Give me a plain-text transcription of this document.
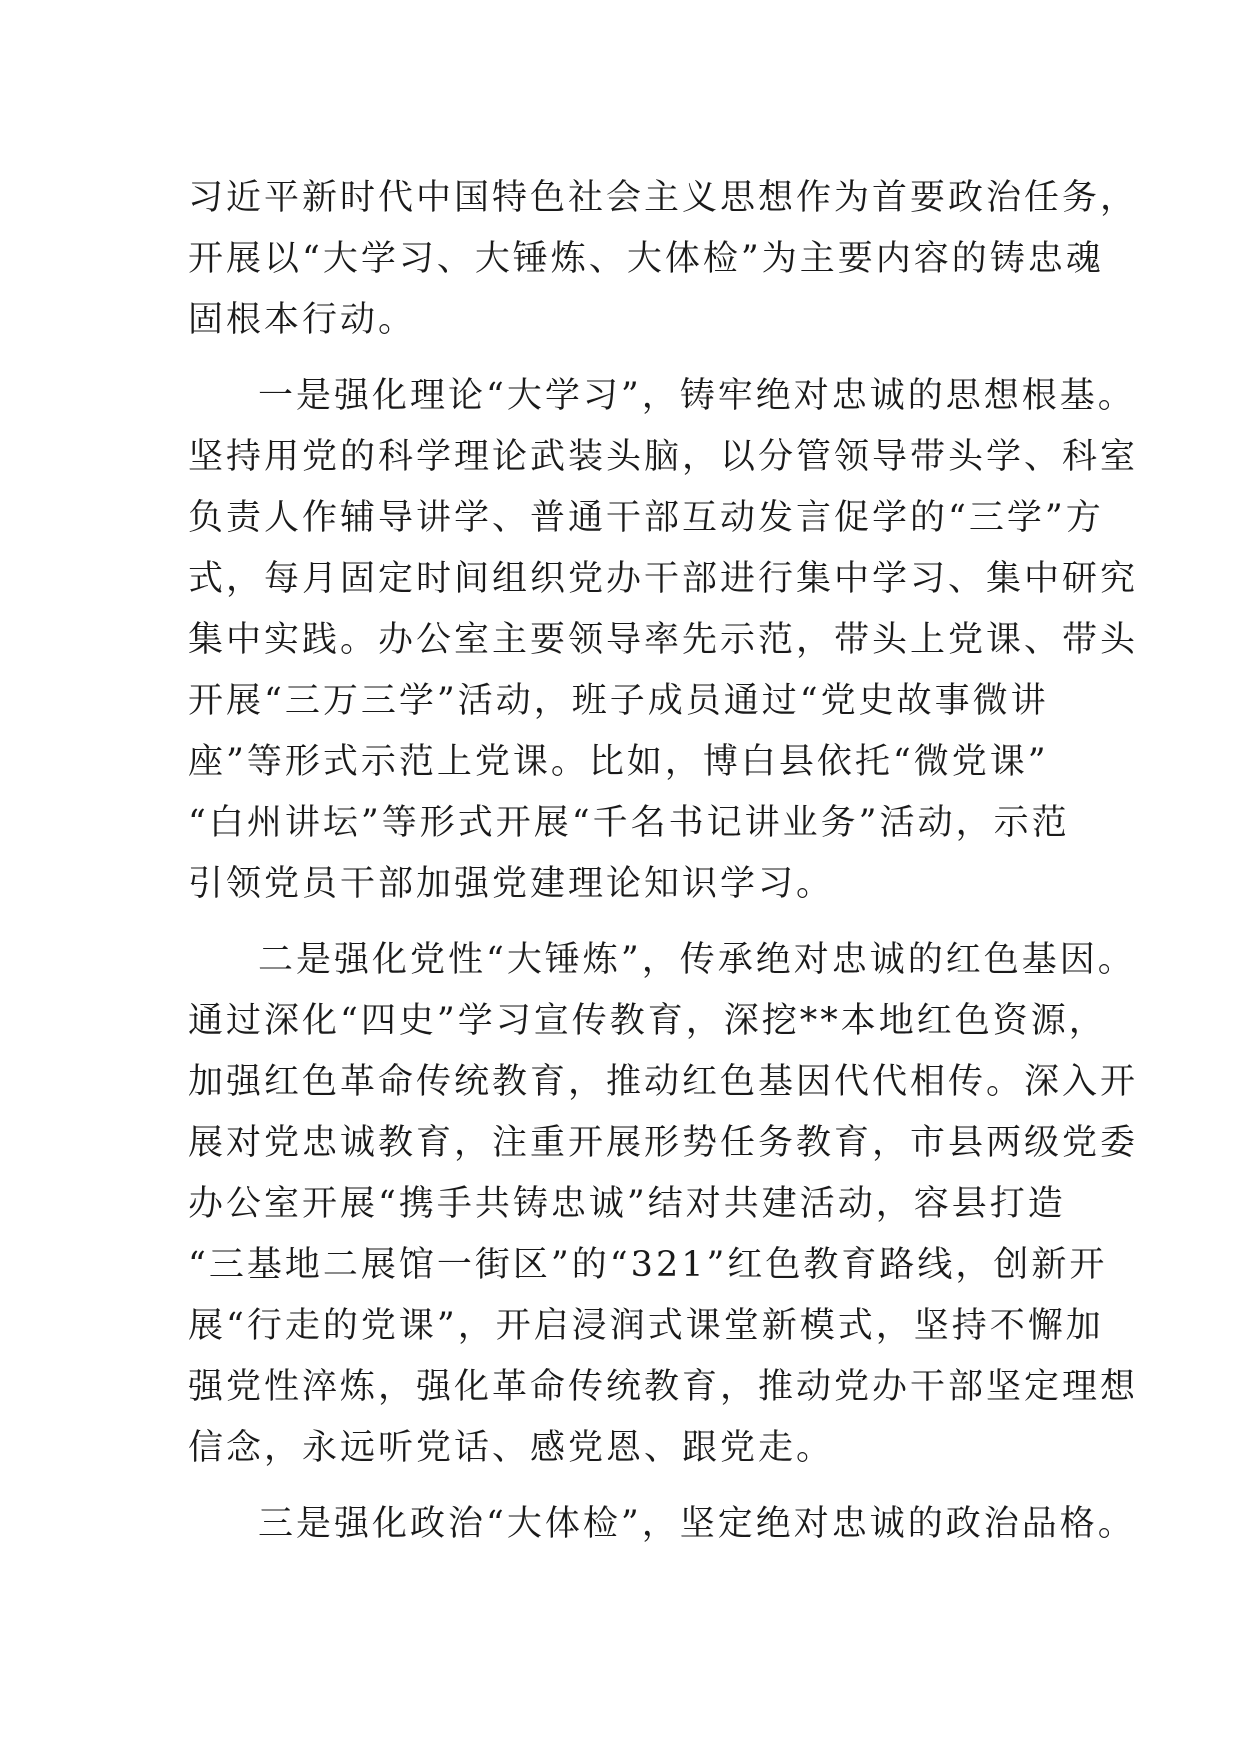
习近平新时代中国特色社会主义思想作为首要政治任务，
开展以“大学习、大锤炼、大体检”为主要内容的铸忠魂
固根本行动。
一是强化理论“大学习”，铸牢绝对忠诚的思想根基。
坚持用党的科学理论武装头脑，以分管领导带头学、科室
负责人作辅导讲学、普通干部互动发言促学的“三学”方
式，每月固定时间组织党办干部进行集中学习、集中研究
集中实践。办公室主要领导率先示范，带头上党课、带头
开展“三万三学”活动，班子成员通过“党史故事微讲
座”等形式示范上党课。比如，博白县依托“微党课”
“白州讲坛”等形式开展“千名书记讲业务”活动，示范
引领党员干部加强党建理论知识学习。
二是强化党性“大锤炼”，传承绝对忠诚的红色基因。
通过深化“四史”学习宣传教育，深挖**本地红色资源，
加强红色革命传统教育，推动红色基因代代相传。深入开
展对党忠诚教育，注重开展形势任务教育，市县两级党委
办公室开展“携手共铸忠诚”结对共建活动，容县打造
“三基地二展馆一街区”的“321”红色教育路线，创新开
展“行走的党课”，开启浸润式课堂新模式，坚持不懈加
强党性淬炼，强化革命传统教育，推动党办干部坚定理想
信念，永远听党话、感党恩、跟党走。
三是强化政治“大体检”，坚定绝对忠诚的政治品格。
